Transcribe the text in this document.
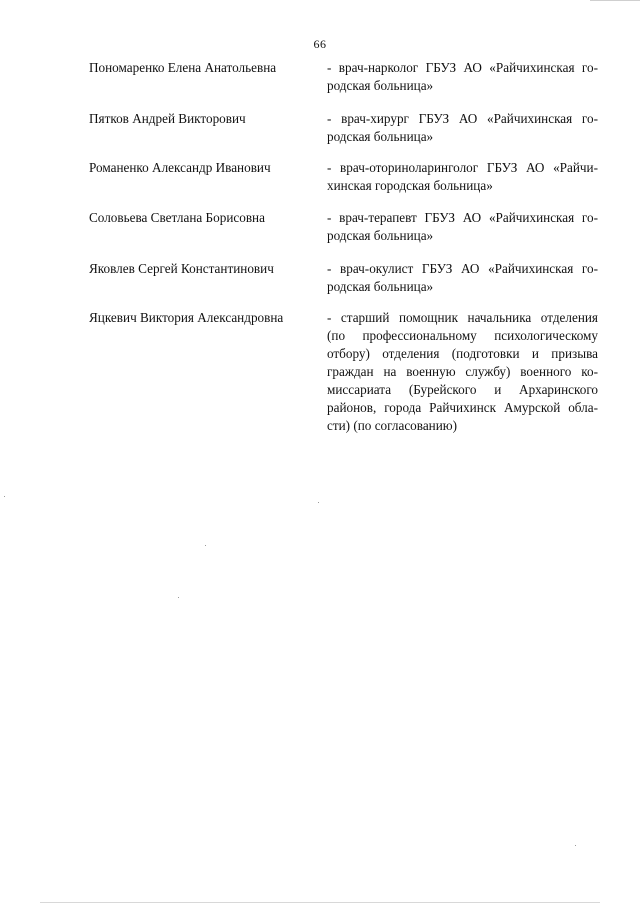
66
Пономаренко Елена Анатольевна	- врач-нарколог ГБУЗ АО «Райчихинская го-
родская больница»
Пятков Андрей Викторович	- врач-хирург ГБУЗ АО «Райчихинская го-
родская больница»
Романенко Александр Иванович	- врач-оториноларинголог ГБУЗ АО «Райчи-
хинская городская больница»
Соловьева Светлана Борисовна	- врач-терапевт ГБУЗ АО «Райчихинская го-
родская больница»
Яковлев Сергей Константинович	- врач-окулист ГБУЗ АО «Райчихинская го-
родская больница»
Яцкевич Виктория Александровна	- старший помощник начальника отделения
(по профессиональному психологическому
отбору) отделения (подготовки и призыва
граждан на военную службу) военного ко-
миссариата (Бурейского и Архаринского
районов, города Райчихинск Амурской обла-
сти) (по согласованию)
